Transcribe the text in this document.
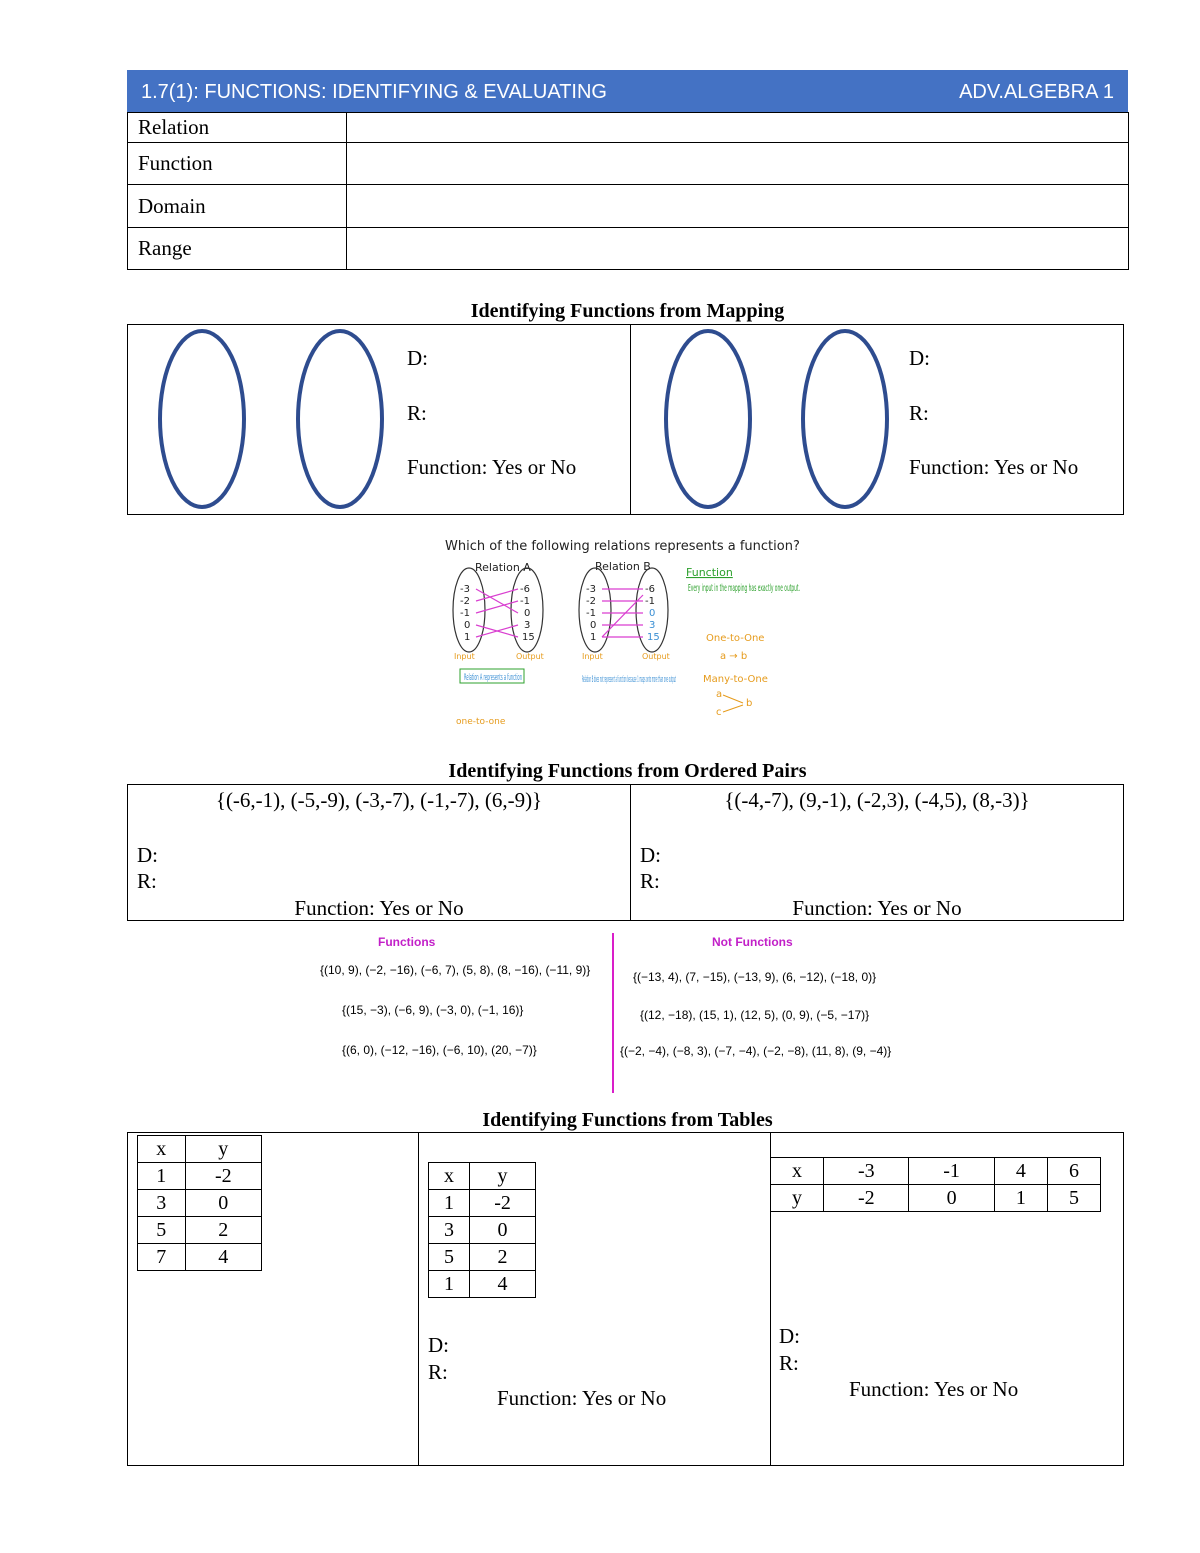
1.7(1): FUNCTIONS: IDENTIFYING & EVALUATING	ADV.ALGEBRA 1
Relation	
Function	
Domain	
Range	
Identifying Functions from Mapping
D:
R:
Function: Yes or No
D:
R:
Function: Yes or No
Which of the following relations represents a function?
Relation A	Relation B
-3
-2
-1
0
1
-6
-1
0
3
15
-3
-2
-1
0
1
-6
-1
0
3
15
Input	Output	Input	Output
Function
Every input in the mapping has exactly one output.
One-to-One
a → b
Many-to-One
a
c
b
Relation A represents a function
one-to-one
Relation B does not represent a function because 1 maps onto more than one output
Identifying Functions from Ordered Pairs
{(-6,-1), (-5,-9), (-3,-7), (-1,-7), (6,-9)}	{(-4,-7), (9,-1), (-2,3), (-4,5), (8,-3)}
D:
R:
Function: Yes or No
D:
R:
Function: Yes or No
Functions	Not Functions
{(10, 9), (−2, −16), (−6, 7), (5, 8), (8, −16), (−11, 9)}
{(15, −3), (−6, 9), (−3, 0), (−1, 16)}
{(6, 0), (−12, −16), (−6, 10), (20, −7)}
{(−13, 4), (7, −15), (−13, 9), (6, −12), (−18, 0)}
{(12, −18), (15, 1), (12, 5), (0, 9), (−5, −17)}
{(−2, −4), (−8, 3), (−7, −4), (−2, −8), (11, 8), (9, −4)}
Identifying Functions from Tables
x	y
1	-2
3	0
5	2
7	4
x	y
1	-2
3	0
5	2
1	4
x	-3	-1	4	6
y	-2	0	1	5
D:
R:
Function: Yes or No
D:
R:
Function: Yes or No
